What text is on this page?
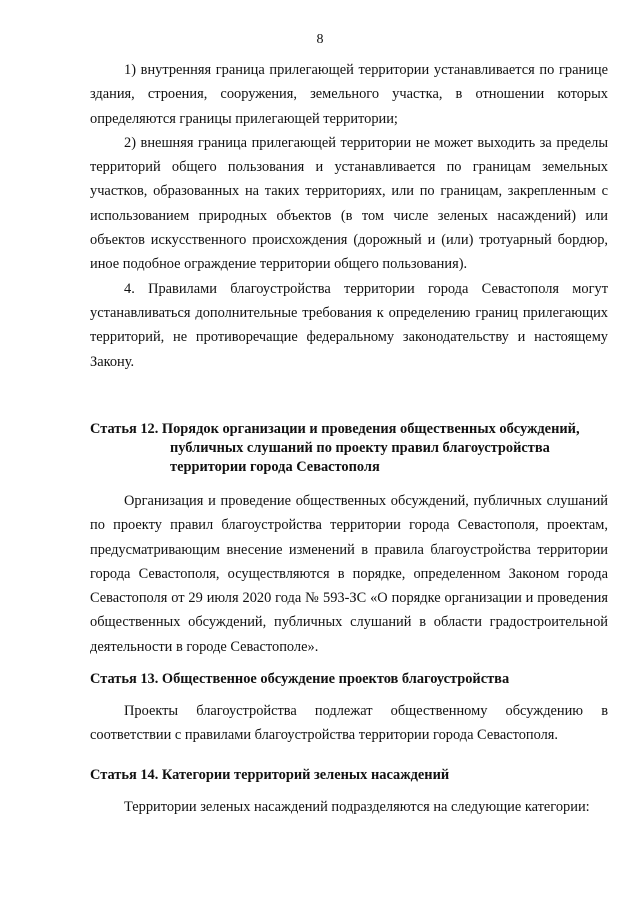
8

1) внутренняя граница прилегающей территории устанавливается по границе здания, строения, сооружения, земельного участка, в отношении которых определяются границы прилегающей территории;

2) внешняя граница прилегающей территории не может выходить за пределы территорий общего пользования и устанавливается по границам земельных участков, образованных на таких территориях, или по границам, закрепленным с использованием природных объектов (в том числе зеленых насаждений) или объектов искусственного происхождения (дорожный и (или) тротуарный бордюр, иное подобное ограждение территории общего пользования).

4. Правилами благоустройства территории города Севастополя могут устанавливаться дополнительные требования к определению границ прилегающих территорий, не противоречащие федеральному законодательству и настоящему Закону.

Статья 12. Порядок организации и проведения общественных обсуждений,
публичных слушаний по проекту правил благоустройства
территории города Севастополя

Организация и проведение общественных обсуждений, публичных слушаний по проекту правил благоустройства территории города Севастополя, проектам, предусматривающим внесение изменений в правила благоустройства территории города Севастополя, осуществляются в порядке, определенном Законом города Севастополя от 29 июля 2020 года № 593-ЗС «О порядке организации и проведения общественных обсуждений, публичных слушаний в области градостроительной деятельности в городе Севастополе».

Статья 13. Общественное обсуждение проектов благоустройства

Проекты благоустройства подлежат общественному обсуждению в соответствии с правилами благоустройства территории города Севастополя.

Статья 14. Категории территорий зеленых насаждений

Территории зеленых насаждений подразделяются на следующие категории:
